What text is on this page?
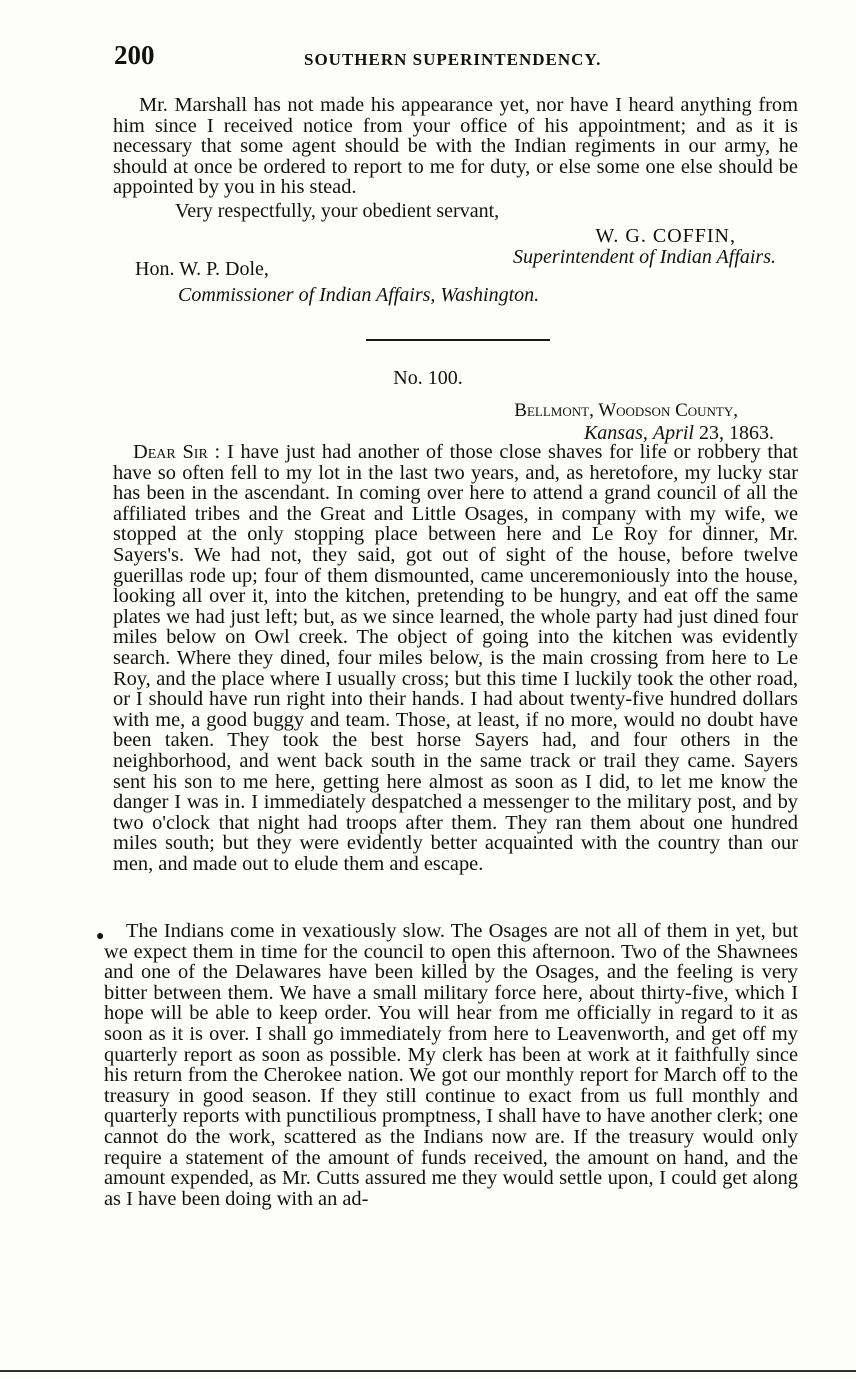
200	SOUTHERN SUPERINTENDENCY.
Mr. Marshall has not made his appearance yet, nor have I heard anything from him since I received notice from your office of his appointment; and as it is necessary that some agent should be with the Indian regiments in our army, he should at once be ordered to report to me for duty, or else some one else should be appointed by you in his stead.
Very respectfully, your obedient servant,
W. G. COFFIN,
Superintendent of Indian Affairs.
Hon. W. P. Dole,
Commissioner of Indian Affairs, Washington.
No. 100.
Bellmont, Woodson County,
Kansas, April 23, 1863.
Dear Sir : I have just had another of those close shaves for life or robbery that have so often fell to my lot in the last two years, and, as heretofore, my lucky star has been in the ascendant. In coming over here to attend a grand council of all the affiliated tribes and the Great and Little Osages, in company with my wife, we stopped at the only stopping place between here and Le Roy for dinner, Mr. Sayers's. We had not, they said, got out of sight of the house, before twelve guerillas rode up; four of them dismounted, came unceremoniously into the house, looking all over it, into the kitchen, pretending to be hungry, and eat off the same plates we had just left; but, as we since learned, the whole party had just dined four miles below on Owl creek. The object of going into the kitchen was evidently search. Where they dined, four miles below, is the main crossing from here to Le Roy, and the place where I usually cross; but this time I luckily took the other road, or I should have run right into their hands. I had about twenty-five hundred dollars with me, a good buggy and team. Those, at least, if no more, would no doubt have been taken. They took the best horse Sayers had, and four others in the neighborhood, and went back south in the same track or trail they came. Sayers sent his son to me here, getting here almost as soon as I did, to let me know the danger I was in. I immediately despatched a messenger to the military post, and by two o'clock that night had troops after them. They ran them about one hundred miles south; but they were evidently better acquainted with the country than our men, and made out to elude them and escape.
●	The Indians come in vexatiously slow. The Osages are not all of them in yet, but we expect them in time for the council to open this afternoon. Two of the Shawnees and one of the Delawares have been killed by the Osages, and the feeling is very bitter between them. We have a small military force here, about thirty-five, which I hope will be able to keep order. You will hear from me officially in regard to it as soon as it is over. I shall go immediately from here to Leavenworth, and get off my quarterly report as soon as possible. My clerk has been at work at it faithfully since his return from the Cherokee nation. We got our monthly report for March off to the treasury in good season. If they still continue to exact from us full monthly and quarterly reports with punctilious promptness, I shall have to have another clerk; one cannot do the work, scattered as the Indians now are. If the treasury would only require a statement of the amount of funds received, the amount on hand, and the amount expended, as Mr. Cutts assured me they would settle upon, I could get along as I have been doing with an ad-
